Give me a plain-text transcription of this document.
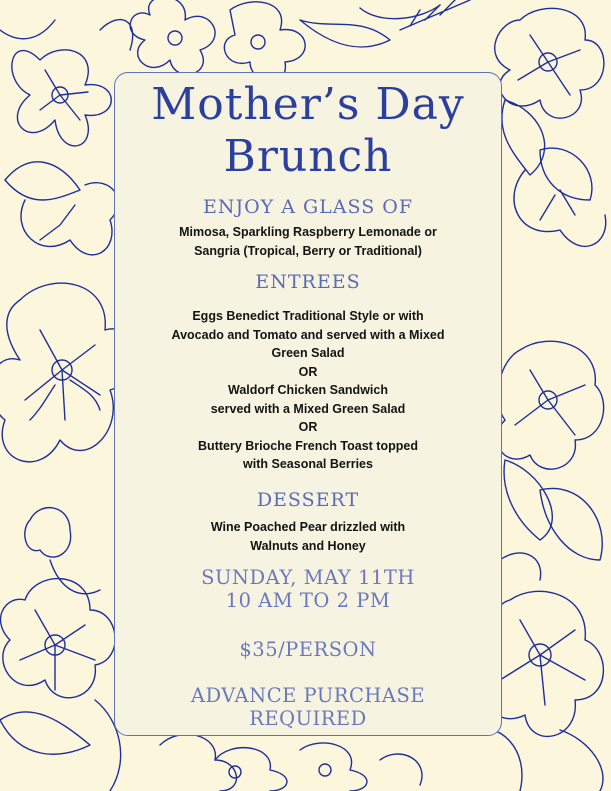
Mother’s Day
Brunch
ENJOY A GLASS OF
Mimosa, Sparkling Raspberry Lemonade or
Sangria (Tropical, Berry or Traditional)
ENTREES
Eggs Benedict Traditional Style or with
Avocado and Tomato and served with a Mixed
Green Salad
OR
Waldorf Chicken Sandwich
served with a Mixed Green Salad
OR
Buttery Brioche French Toast topped
with Seasonal Berries
DESSERT
Wine Poached Pear drizzled with
Walnuts and Honey
SUNDAY, MAY 11TH
10 AM TO 2 PM
$35/PERSON
ADVANCE PURCHASE
REQUIRED
